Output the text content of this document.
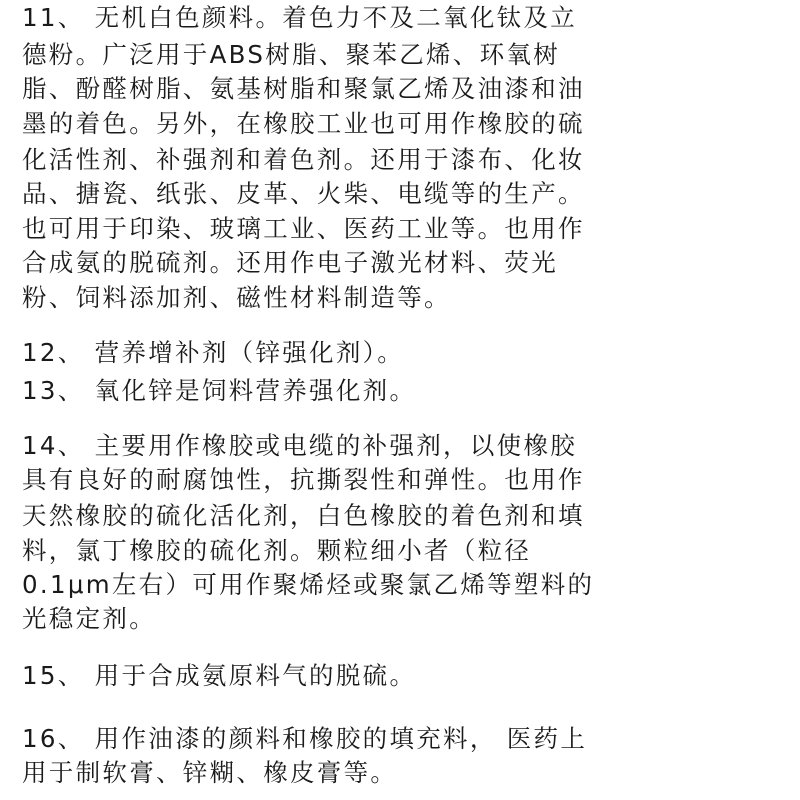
11、 无机白色颜料。着色力不及二氧化钛及立
德粉。广泛用于ABS树脂、聚苯乙烯、环氧树
脂、酚醛树脂、氨基树脂和聚氯乙烯及油漆和油
墨的着色。另外，在橡胶工业也可用作橡胶的硫
化活性剂、补强剂和着色剂。还用于漆布、化妆
品、搪瓷、纸张、皮革、火柴、电缆等的生产。
也可用于印染、玻璃工业、医药工业等。也用作
合成氨的脱硫剂。还用作电子激光材料、荧光
粉、饲料添加剂、磁性材料制造等。
12、 营养增补剂（锌强化剂）。
13、 氧化锌是饲料营养强化剂。
14、 主要用作橡胶或电缆的补强剂，以使橡胶
具有良好的耐腐蚀性，抗撕裂性和弹性。也用作
天然橡胶的硫化活化剂，白色橡胶的着色剂和填
料，氯丁橡胶的硫化剂。颗粒细小者（粒径
0.1μm左右）可用作聚烯烃或聚氯乙烯等塑料的
光稳定剂。
15、 用于合成氨原料气的脱硫。
16、 用作油漆的颜料和橡胶的填充料， 医药上
用于制软膏、锌糊、橡皮膏等。
